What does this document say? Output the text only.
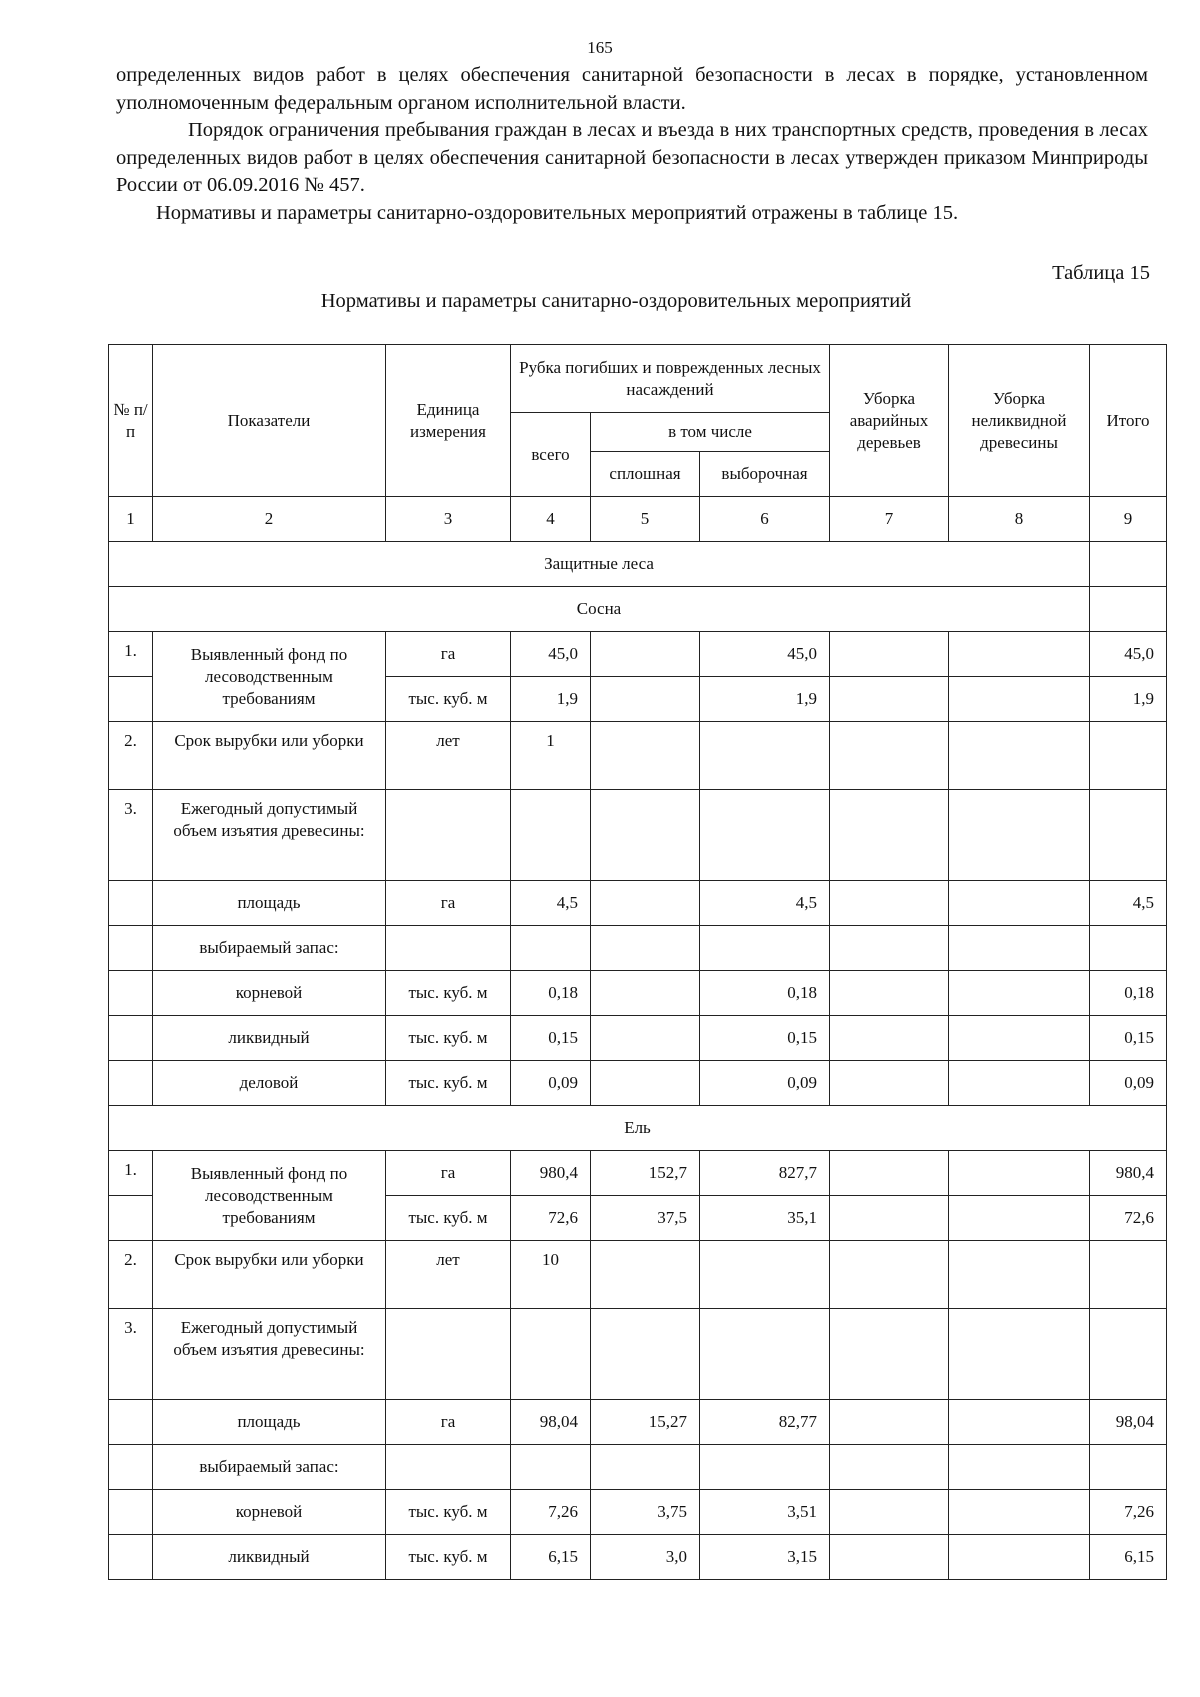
165

определенных видов работ в целях обеспечения санитарной безопасности в лесах в порядке, установленном уполномоченным федеральным органом исполнительной власти.

Порядок ограничения пребывания граждан в лесах и въезда в них транспортных средств, проведения в лесах определенных видов работ в целях обеспечения санитарной безопасности в лесах утвержден приказом Минприроды России от 06.09.2016 № 457.

Нормативы и параметры санитарно-оздоровительных мероприятий отражены в таблице 15.

Таблица 15
Нормативы и параметры санитарно-оздоровительных мероприятий
№ п/п	Показатели	Единица измерения	Рубка погибших и поврежденных лесных насаждений			Уборка аварийных деревьев	Уборка неликвидной древесины	Итого
			всего	в том числе				
				сплошная	выборочная			
1	2	3	4	5	6	7	8	9
Защитные леса								
Сосна								
1.	Выявленный фонд по лесоводственным требованиям	га	45,0		45,0			45,0
		тыс. куб. м	1,9		1,9			1,9
2.	Срок вырубки или уборки	лет	1					
3.	Ежегодный допустимый объем изъятия древесины:							
	площадь	га	4,5		4,5			4,5
	выбираемый запас:							
	корневой	тыс. куб. м	0,18		0,18			0,18
	ликвидный	тыс. куб. м	0,15		0,15			0,15
	деловой	тыс. куб. м	0,09		0,09			0,09
Ель								
1.	Выявленный фонд по лесоводственным требованиям	га	980,4	152,7	827,7			980,4
		тыс. куб. м	72,6	37,5	35,1			72,6
2.	Срок вырубки или уборки	лет	10					
3.	Ежегодный допустимый объем изъятия древесины:							
	площадь	га	98,04	15,27	82,77			98,04
	выбираемый запас:							
	корневой	тыс. куб. м	7,26	3,75	3,51			7,26
	ликвидный	тыс. куб. м	6,15	3,0	3,15			6,15
